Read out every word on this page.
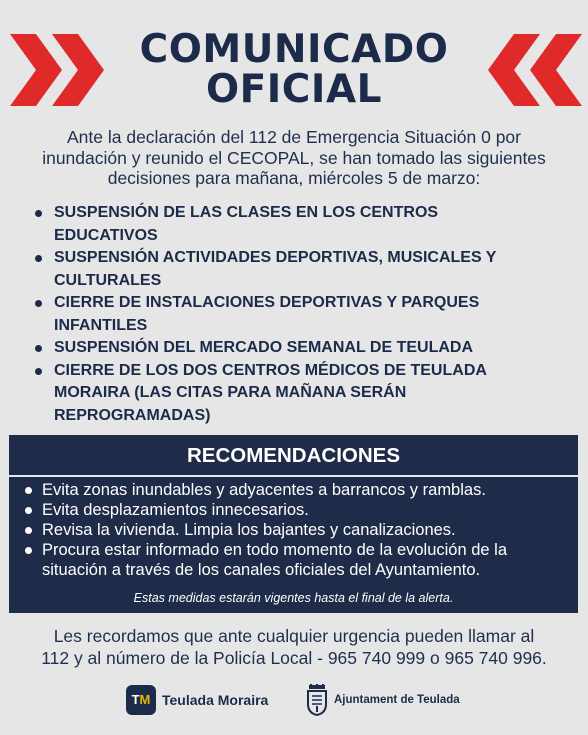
COMUNICADO
OFICIAL
Ante la declaración del 112 de Emergencia Situación 0 por
inundación y reunido el CECOPAL, se han tomado las siguientes
decisiones para mañana, miércoles 5 de marzo:
SUSPENSIÓN DE LAS CLASES EN LOS CENTROS
EDUCATIVOS
SUSPENSIÓN ACTIVIDADES DEPORTIVAS, MUSICALES Y
CULTURALES
CIERRE DE INSTALACIONES DEPORTIVAS Y PARQUES
INFANTILES
SUSPENSIÓN DEL MERCADO SEMANAL DE TEULADA
CIERRE DE LOS DOS CENTROS MÉDICOS DE TEULADA
MORAIRA (LAS CITAS PARA MAÑANA SERÁN
REPROGRAMADAS)
RECOMENDACIONES
Evita zonas inundables y adyacentes a barrancos y ramblas.
Evita desplazamientos innecesarios.
Revisa la vivienda. Limpia los bajantes y canalizaciones.
Procura estar informado en todo momento de la evolución de la
situación a través de los canales oficiales del Ayuntamiento.
Estas medidas estarán vigentes hasta el final de la alerta.
Les recordamos que ante cualquier urgencia pueden llamar al
112 y al número de la Policía Local - 965 740 999 o 965 740 996.
TM Teulada Moraira	Ajuntament de Teulada
